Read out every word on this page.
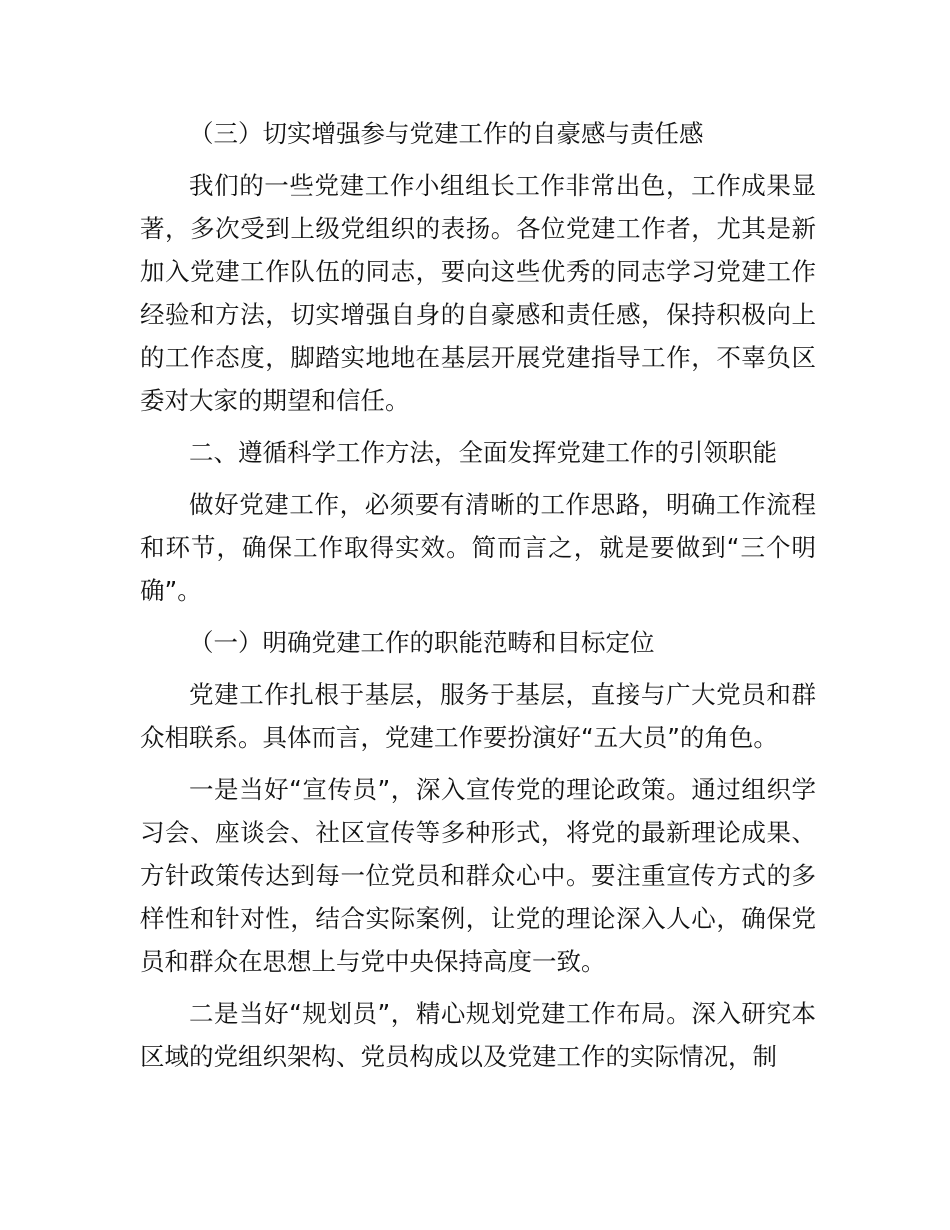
（三）切实增强参与党建工作的自豪感与责任感

我们的一些党建工作小组组长工作非常出色，工作成果显著，多次受到上级党组织的表扬。各位党建工作者，尤其是新加入党建工作队伍的同志，要向这些优秀的同志学习党建工作经验和方法，切实增强自身的自豪感和责任感，保持积极向上的工作态度，脚踏实地地在基层开展党建指导工作，不辜负区委对大家的期望和信任。

二、遵循科学工作方法，全面发挥党建工作的引领职能

做好党建工作，必须要有清晰的工作思路，明确工作流程和环节，确保工作取得实效。简而言之，就是要做到“三个明确”。

（一）明确党建工作的职能范畴和目标定位

党建工作扎根于基层，服务于基层，直接与广大党员和群众相联系。具体而言，党建工作要扮演好“五大员”的角色。

一是当好“宣传员”，深入宣传党的理论政策。通过组织学习会、座谈会、社区宣传等多种形式，将党的最新理论成果、方针政策传达到每一位党员和群众心中。要注重宣传方式的多样性和针对性，结合实际案例，让党的理论深入人心，确保党员和群众在思想上与党中央保持高度一致。

二是当好“规划员”，精心规划党建工作布局。深入研究本区域的党组织架构、党员构成以及党建工作的实际情况，制
